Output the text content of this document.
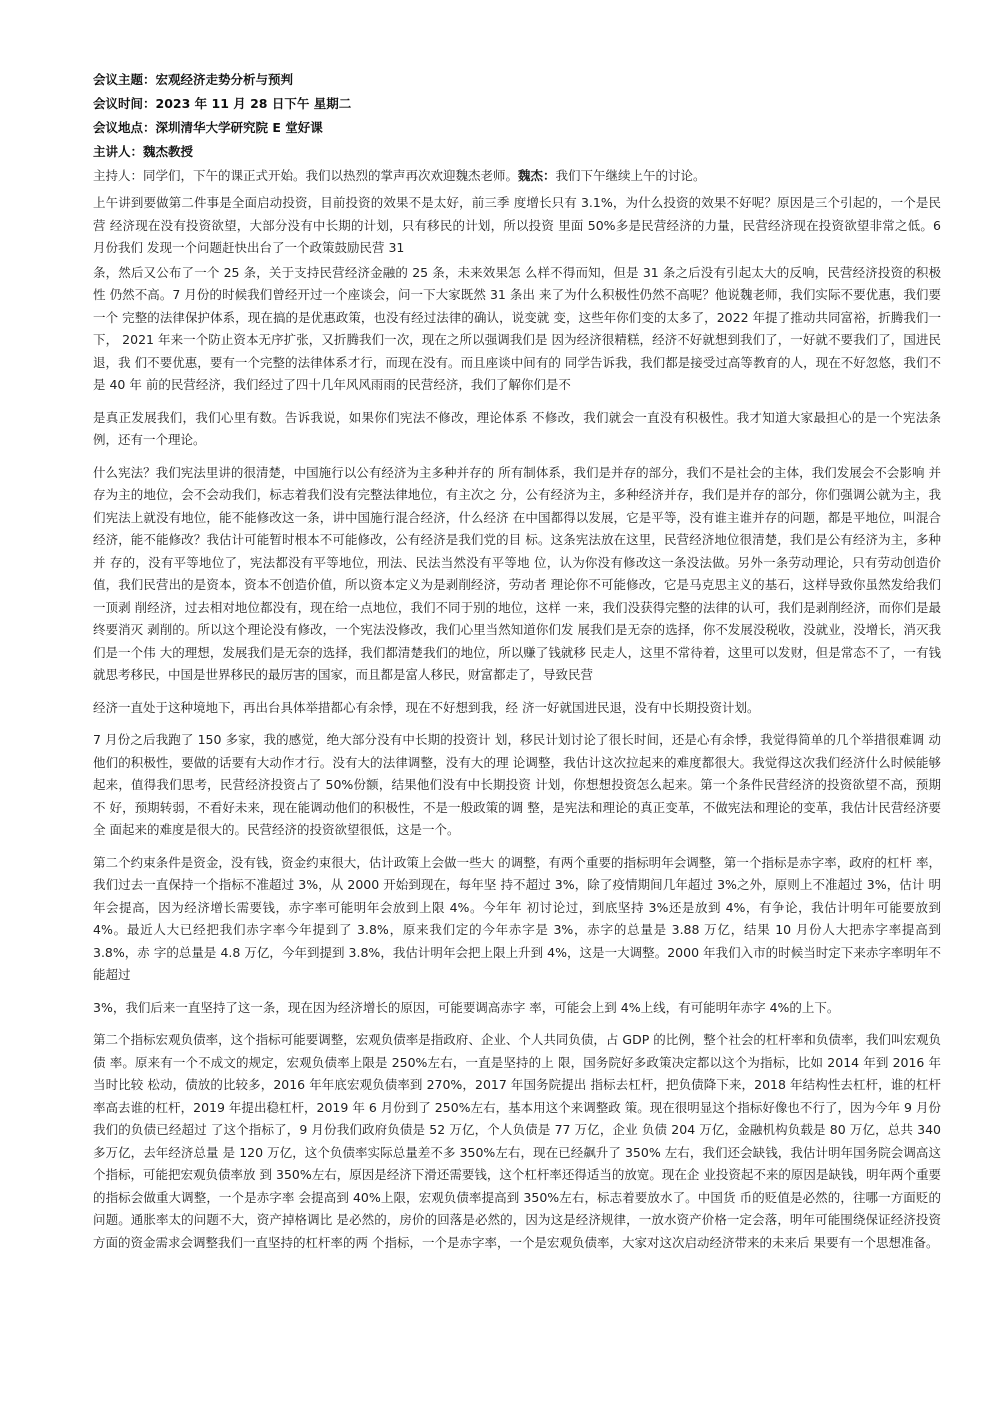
会议主题：宏观经济走势分析与预判

会议时间：2023 年 11 月 28 日下午 星期二

会议地点：深圳清华大学研究院 E 堂好课

主讲人：魏杰教授

主持人：同学们，下午的课正式开始。我们以热烈的掌声再次欢迎魏杰老师。魏杰：我们下午继续上午的讨论。

上午讲到要做第二件事是全面启动投资，目前投资的效果不是太好，前三季 度增长只有 3.1%，为什么投资的效果不好呢？原因是三个引起的，一个是民营 经济现在没有投资欲望，大部分没有中长期的计划，只有移民的计划，所以投资 里面 50%多是民营经济的力量，民营经济现在投资欲望非常之低。6 月份我们 发现一个问题赶快出台了一个政策鼓励民营 31

条，然后又公布了一个 25 条，关于支持民营经济金融的 25 条，未来效果怎 么样不得而知，但是 31 条之后没有引起太大的反响，民营经济投资的积极性 仍然不高。7 月份的时候我们曾经开过一个座谈会，问一下大家既然 31 条出 来了为什么积极性仍然不高呢？他说魏老师，我们实际不要优惠，我们要一个 完整的法律保护体系，现在搞的是优惠政策，也没有经过法律的确认，说变就 变，这些年你们变的太多了，2022 年提了推动共同富裕，折腾我们一下， 2021 年来一个防止资本无序扩张，又折腾我们一次，现在之所以强调我们是 因为经济很精糕，经济不好就想到我们了，一好就不要我们了，国进民退，我 们不要优惠，要有一个完整的法律体系才行，而现在没有。而且座谈中间有的 同学告诉我，我们都是接受过高等教育的人，现在不好忽悠，我们不是 40 年 前的民营经济，我们经过了四十几年风风雨雨的民营经济，我们了解你们是不

是真正发展我们，我们心里有数。告诉我说，如果你们宪法不修改，理论体系 不修改，我们就会一直没有积极性。我才知道大家最担心的是一个宪法条例，还有一个理论。

什么宪法？我们宪法里讲的很清楚，中国施行以公有经济为主多种并存的 所有制体系，我们是并存的部分，我们不是社会的主体，我们发展会不会影响 并存为主的地位，会不会动我们，标志着我们没有完整法律地位，有主次之 分，公有经济为主，多种经济并存，我们是并存的部分，你们强调公就为主，我们宪法上就没有地位，能不能修改这一条，讲中国施行混合经济，什么经济 在中国都得以发展，它是平等，没有谁主谁并存的问题，都是平地位，叫混合 经济，能不能修改？我估计可能暂时根本不可能修改，公有经济是我们党的目 标。这条宪法放在这里，民营经济地位很清楚，我们是公有经济为主，多种并 存的，没有平等地位了，宪法都没有平等地位，刑法、民法当然没有平等地 位，认为你没有修改这一条没法做。另外一条劳动理论，只有劳动创造价值，我们民营出的是资本，资本不创造价值，所以资本定义为是剥削经济，劳动者 理论你不可能修改，它是马克思主义的基石，这样导致你虽然发给我们一顶剥 削经济，过去相对地位都没有，现在给一点地位，我们不同于别的地位，这样 一来，我们没获得完整的法律的认可，我们是剥削经济，而你们是最终要消灭 剥削的。所以这个理论没有修改，一个宪法没修改，我们心里当然知道你们发 展我们是无奈的选择，你不发展没税收，没就业，没增长，消灭我们是一个伟 大的理想，发展我们是无奈的选择，我们都清楚我们的地位，所以赚了钱就移 民走人，这里不常待着，这里可以发财，但是常态不了，一有钱就思考移民，中国是世界移民的最厉害的国家，而且都是富人移民，财富都走了，导致民营

经济一直处于这种境地下，再出台具体举措都心有余悸，现在不好想到我，经 济一好就国进民退，没有中长期投资计划。

7 月份之后我跑了 150 多家，我的感觉，绝大部分没有中长期的投资计 划，移民计划讨论了很长时间，还是心有余悸，我觉得简单的几个举措很难调 动他们的积极性，要做的话要有大动作才行。没有大的法律调整，没有大的理 论调整，我估计这次拉起来的难度都很大。我觉得这次我们经济什么时候能够 起来，值得我们思考，民营经济投资占了 50%份额，结果他们没有中长期投资 计划，你想想投资怎么起来。第一个条件民营经济的投资欲望不高，预期不 好，预期转弱，不看好未来，现在能调动他们的积极性，不是一般政策的调 整，是宪法和理论的真正变革，不做宪法和理论的变革，我估计民营经济要全 面起来的难度是很大的。民营经济的投资欲望很低，这是一个。

第二个约束条件是资金，没有钱，资金约束很大，估计政策上会做一些大 的调整，有两个重要的指标明年会调整，第一个指标是赤字率，政府的杠杆 率，我们过去一直保持一个指标不准超过 3%，从 2000 开始到现在，每年坚 持不超过 3%，除了疫情期间几年超过 3%之外，原则上不准超过 3%，估计 明年会提高，因为经济增长需要钱，赤字率可能明年会放到上限 4%。今年年 初讨论过，到底坚持 3%还是放到 4%，有争论，我估计明年可能要放到 4%。最近人大已经把我们赤字率今年提到了 3.8%，原来我们定的今年赤字是 3%，赤字的总量是 3.88 万亿，结果 10 月份人大把赤字率提高到 3.8%，赤 字的总量是 4.8 万亿，今年到提到 3.8%，我估计明年会把上限上升到 4%，这是一大调整。2000 年我们入市的时候当时定下来赤字率明年不能超过

3%，我们后来一直坚持了这一条，现在因为经济增长的原因，可能要调高赤字 率，可能会上到 4%上线，有可能明年赤字 4%的上下。

第二个指标宏观负债率，这个指标可能要调整，宏观负债率是指政府、企业、个人共同负债，占 GDP 的比例，整个社会的杠杆率和负债率，我们叫宏观负债 率。原来有一个不成文的规定，宏观负债率上限是 250%左右，一直是坚持的上 限，国务院好多政策决定都以这个为指标，比如 2014 年到 2016 年当时比较 松动，债放的比较多，2016 年年底宏观负债率到 270%，2017 年国务院提出 指标去杠杆，把负债降下来，2018 年结构性去杠杆，谁的杠杆率高去谁的杠杆，2019 年提出稳杠杆，2019 年 6 月份到了 250%左右，基本用这个来调整政 策。现在很明显这个指标好像也不行了，因为今年 9 月份我们的负债已经超过 了这个指标了，9 月份我们政府负债是 52 万亿，个人负债是 77 万亿，企业 负债 204 万亿，金融机构负载是 80 万亿，总共 340 多万亿，去年经济总量 是 120 万亿，这个负债率实际总量差不多 350%左右，现在已经飙升了 350% 左右，我们还会缺钱，我估计明年国务院会调高这个指标，可能把宏观负债率放 到 350%左右，原因是经济下滑还需要钱，这个杠杆率还得适当的放宽。现在企 业投资起不来的原因是缺钱，明年两个重要的指标会做重大调整，一个是赤字率 会提高到 40%上限，宏观负债率提高到 350%左右，标志着要放水了。中国货 币的贬值是必然的，往哪一方面贬的问题。通胀率太的问题不大，资产掉格调比 是必然的，房价的回落是必然的，因为这是经济规律，一放水资产价格一定会落，明年可能围绕保证经济投资方面的资金需求会调整我们一直坚持的杠杆率的两 个指标，一个是赤字率，一个是宏观负债率，大家对这次启动经济带来的未来后 果要有一个思想准备。
